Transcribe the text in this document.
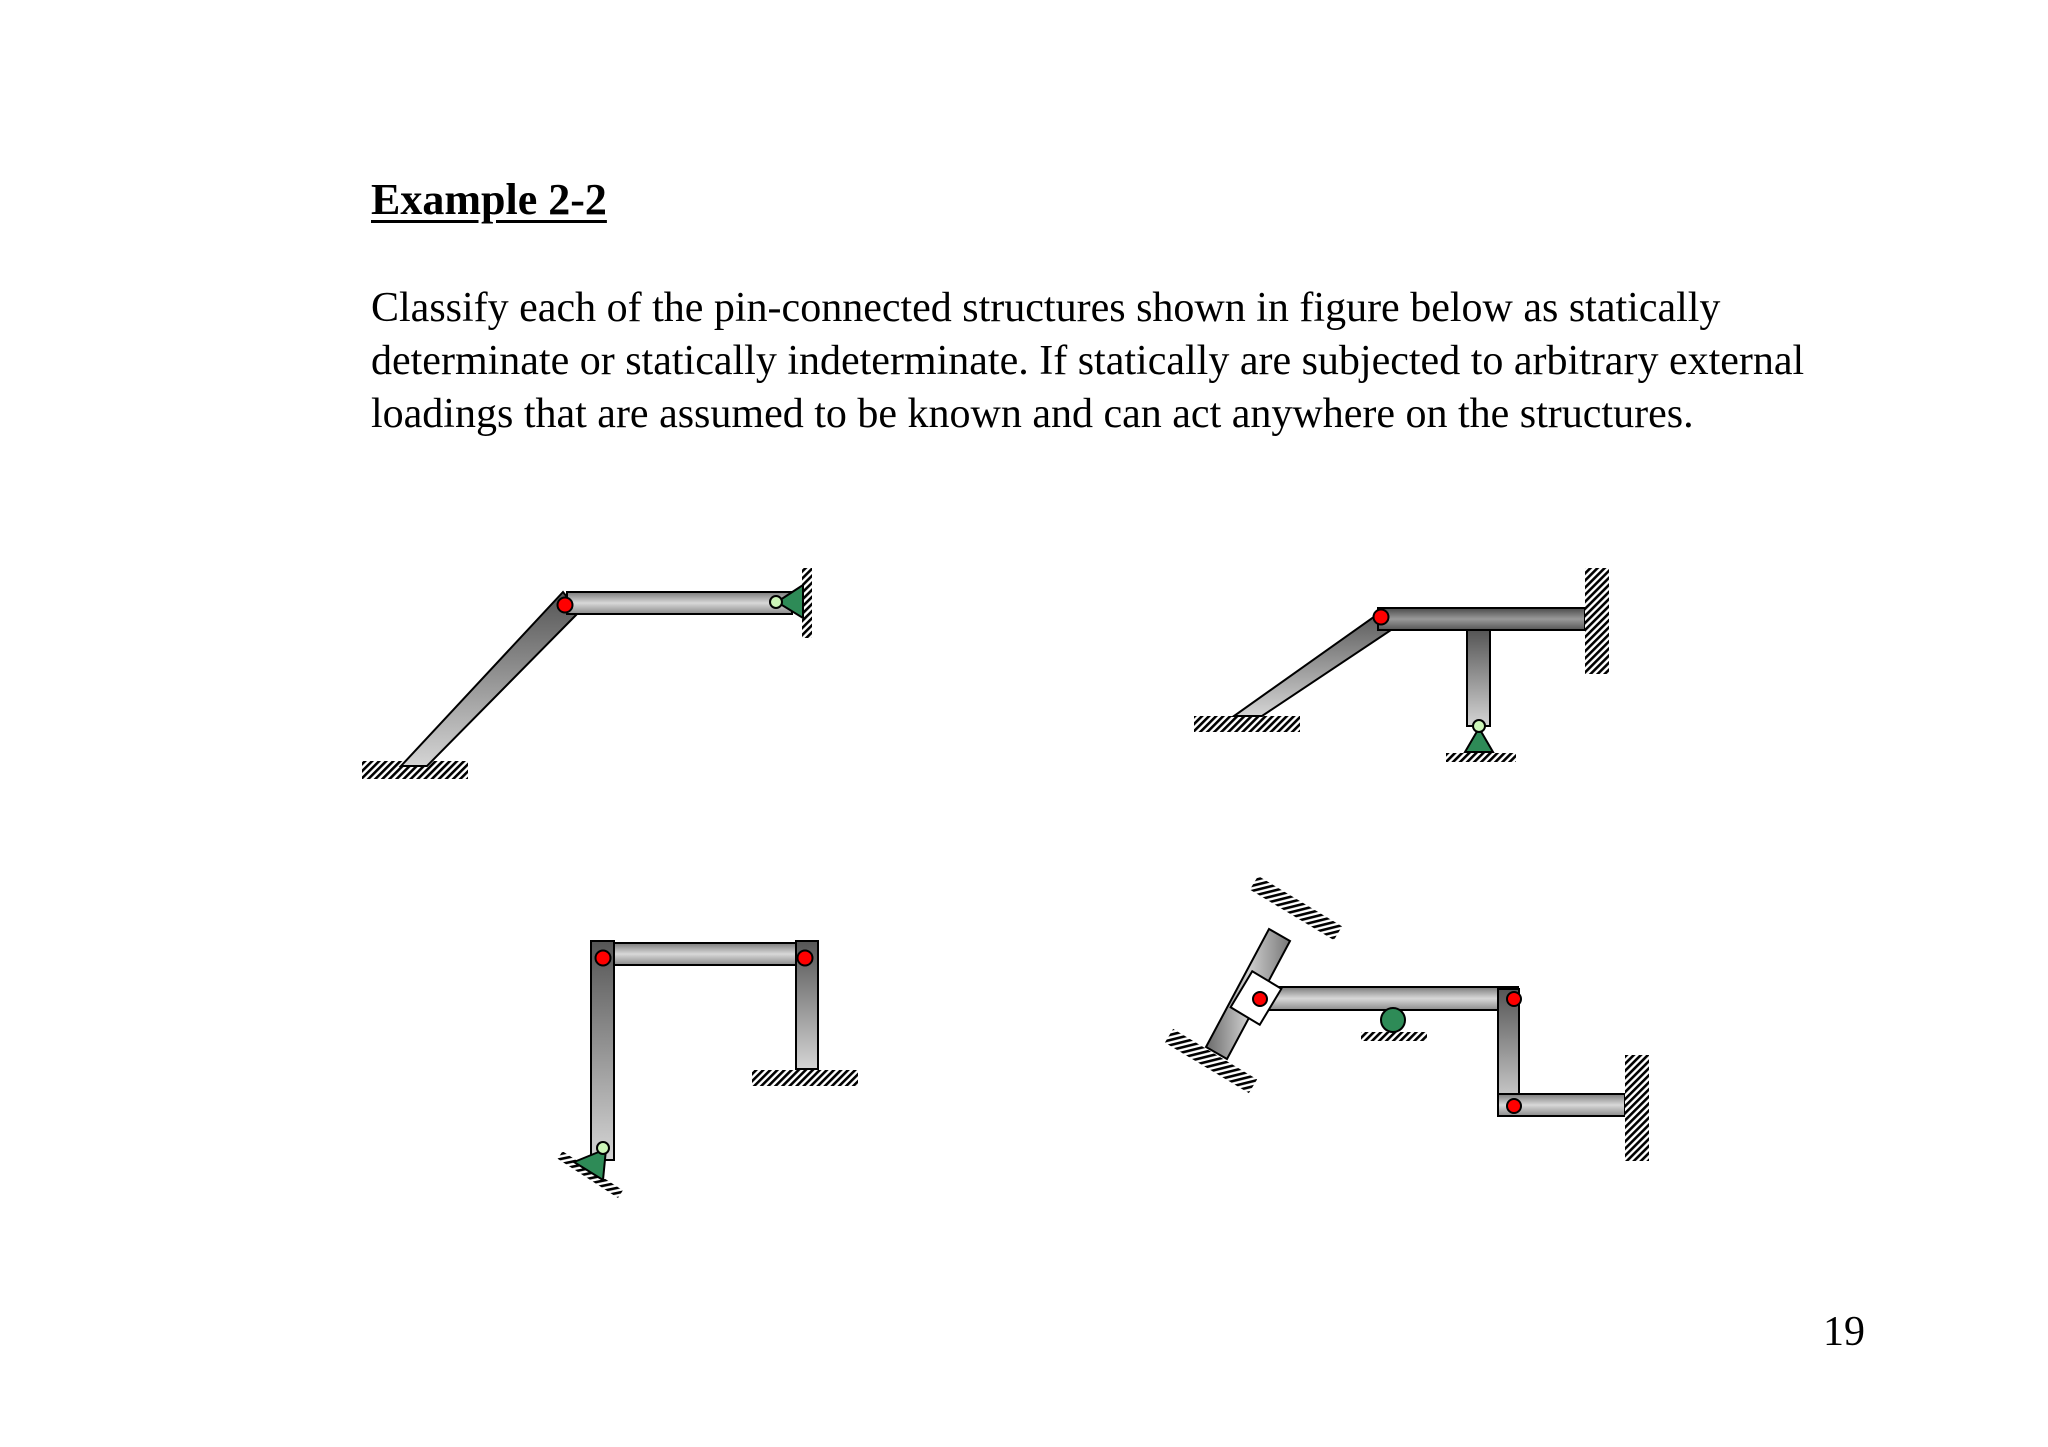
Example 2-2

Classify each of the pin-connected structures shown in figure below as statically determinate or statically indeterminate. If statically are subjected to arbitrary external loadings that are assumed to be known and can act anywhere on the structures.

19
